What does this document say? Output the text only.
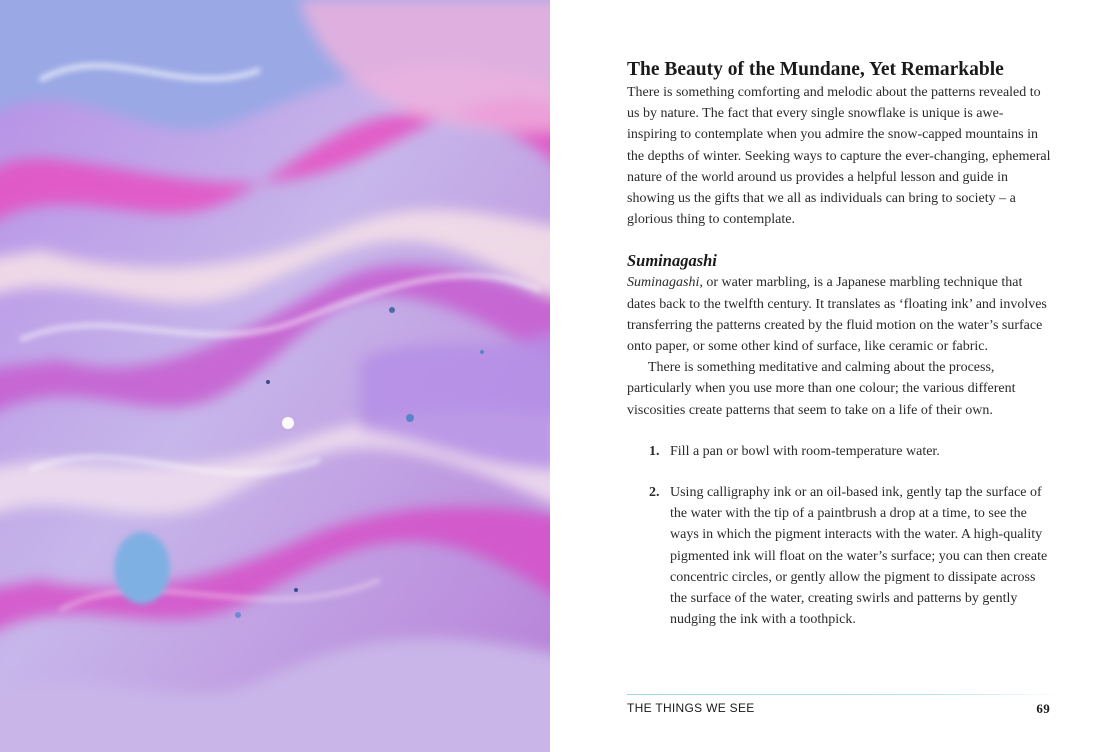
The Beauty of the Mundane, Yet Remarkable

There is something comforting and melodic about the patterns revealed to us by nature. The fact that every single snowflake is unique is awe-inspiring to contemplate when you admire the snow-capped mountains in the depths of winter. Seeking ways to capture the ever-changing, ephemeral nature of the world around us provides a helpful lesson and guide in showing us the gifts that we all as individuals can bring to society – a glorious thing to contemplate.

Suminagashi

Suminagashi, or water marbling, is a Japanese marbling technique that dates back to the twelfth century. It translates as ‘floating ink’ and involves transferring the patterns created by the fluid motion on the water’s surface onto paper, or some other kind of surface, like ceramic or fabric.

There is something meditative and calming about the process, particularly when you use more than one colour; the various different viscosities create patterns that seem to take on a life of their own.

1. Fill a pan or bowl with room-temperature water.
2. Using calligraphy ink or an oil-based ink, gently tap the surface of the water with the tip of a paintbrush a drop at a time, to see the ways in which the pigment interacts with the water. A high-quality pigmented ink will float on the water’s surface; you can then create concentric circles, or gently allow the pigment to dissipate across the surface of the water, creating swirls and patterns by gently nudging the ink with a toothpick.
THE THINGS WE SEE	69
